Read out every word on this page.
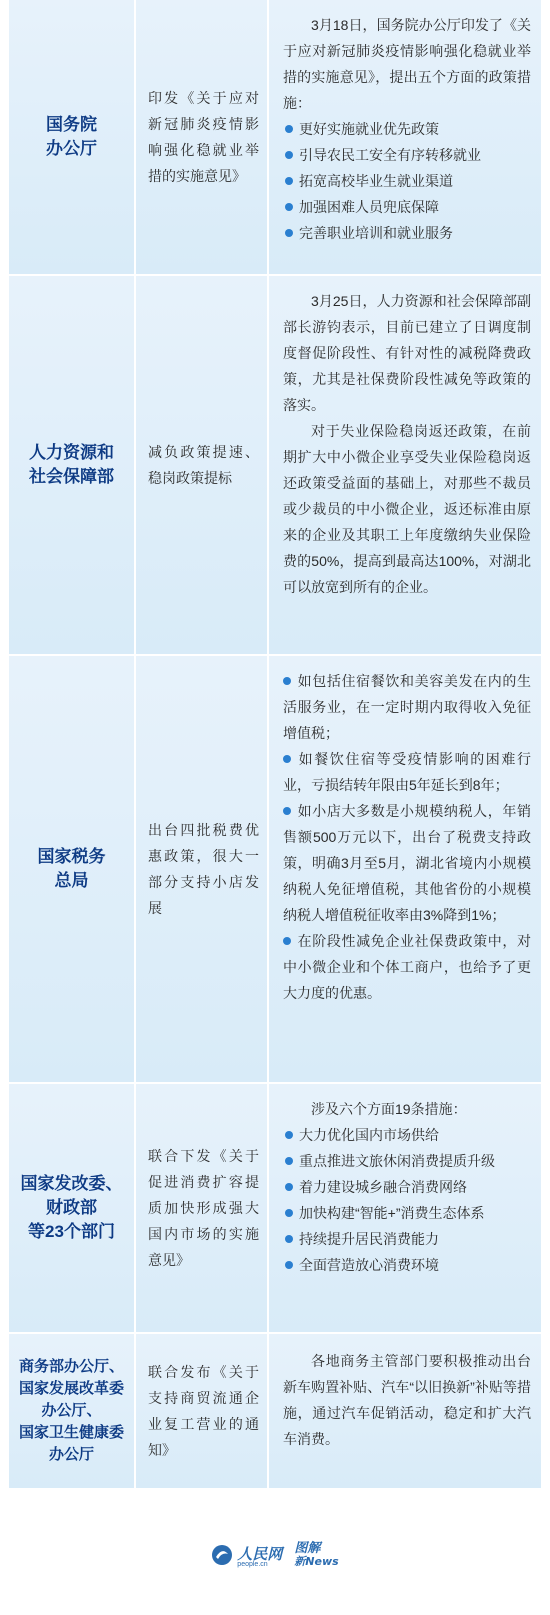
国务院
办公厅
印发《关于应对新冠肺炎疫情影响强化稳就业举措的实施意见》

3月18日，国务院办公厅印发了《关于应对新冠肺炎疫情影响强化稳就业举措的实施意见》，提出五个方面的政策措施：

更好实施就业优先政策
引导农民工安全有序转移就业
拓宽高校毕业生就业渠道
加强困难人员兜底保障
完善职业培训和就业服务
人力资源和
社会保障部
减负政策提速、稳岗政策提标

3月25日，人力资源和社会保障部副部长游钧表示，目前已建立了日调度制度督促阶段性、有针对性的减税降费政策，尤其是社保费阶段性减免等政策的落实。

对于失业保险稳岗返还政策，在前期扩大中小微企业享受失业保险稳岗返还政策受益面的基础上，对那些不裁员或少裁员的中小微企业，返还标准由原来的企业及其职工上年度缴纳失业保险费的50%，提高到最高达100%，对湖北可以放宽到所有的企业。

国家税务
总局
出台四批税费优惠政策，很大一部分支持小店发展
如包括住宿餐饮和美容美发在内的生活服务业，在一定时期内取得收入免征增值税；
如餐饮住宿等受疫情影响的困难行业，亏损结转年限由5年延长到8年；
如小店大多数是小规模纳税人，年销售额500万元以下，出台了税费支持政策，明确3月至5月，湖北省境内小规模纳税人免征增值税，其他省份的小规模纳税人增值税征收率由3%降到1%；
在阶段性减免企业社保费政策中，对中小微企业和个体工商户，也给予了更大力度的优惠。
国家发改委、
财政部
等23个部门
联合下发《关于促进消费扩容提质加快形成强大国内市场的实施意见》

涉及六个方面19条措施：

大力优化国内市场供给
重点推进文旅休闲消费提质升级
着力建设城乡融合消费网络
加快构建“智能+”消费生态体系
持续提升居民消费能力
全面营造放心消费环境
商务部办公厅、
国家发展改革委
办公厅、
国家卫生健康委
办公厅
联合发布《关于支持商贸流通企业复工营业的通知》

各地商务主管部门要积极推动出台新车购置补贴、汽车“以旧换新”补贴等措施，通过汽车促销活动，稳定和扩大汽车消费。

人民网
people.cn
图解
新News
